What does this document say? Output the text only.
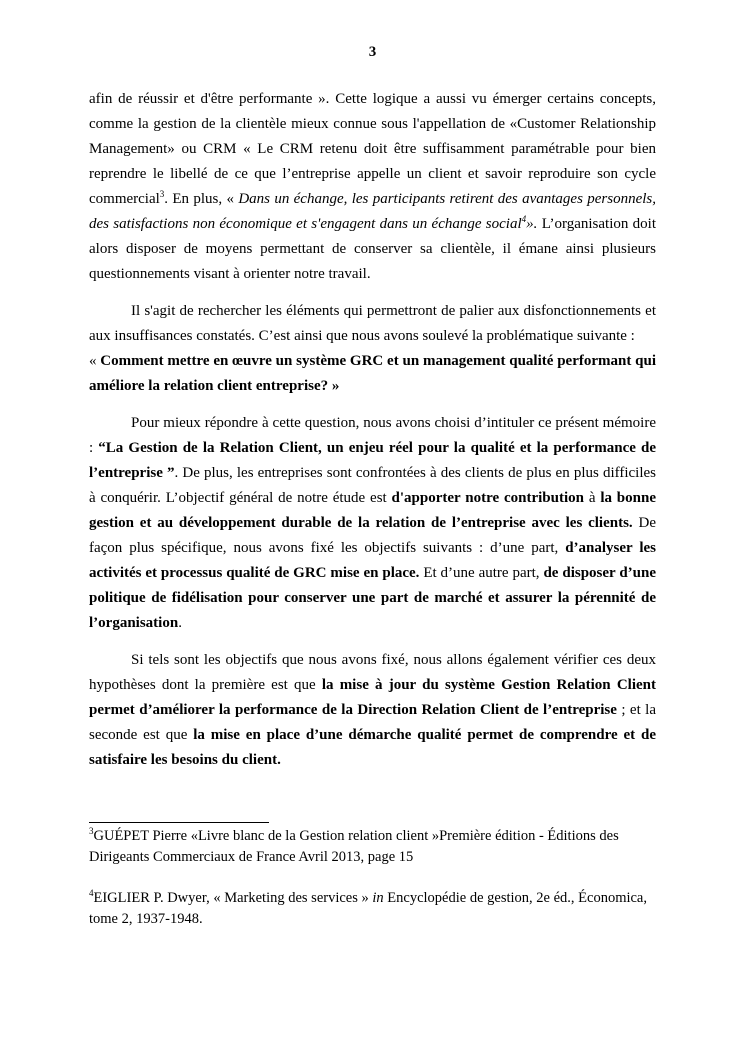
3

afin de réussir et d'être performante ». Cette logique a aussi vu émerger certains concepts, comme la gestion de la clientèle mieux connue sous l'appellation de «Customer Relationship Management» ou CRM « Le CRM retenu doit être suffisamment paramétrable pour bien reprendre le libellé de ce que l’entreprise appelle un client et savoir reproduire son cycle commercial$^3$. En plus, « Dans un échange, les participants retirent des avantages personnels, des satisfactions non économique et s'engagent dans un échange social$^4$». L’organisation doit alors disposer de moyens permettant de conserver sa clientèle, il émane ainsi plusieurs questionnements visant à orienter notre travail.

Il s'agit de rechercher les éléments qui permettront de palier aux disfonctionnements et aux insuffisances constatés. C’est ainsi que nous avons soulevé la problématique suivante :

« Comment mettre en œuvre un système GRC et un management qualité performant qui améliore la relation client entreprise? »

Pour mieux répondre à cette question, nous avons choisi d’intituler ce présent mémoire : “La Gestion de la Relation Client, un enjeu réel pour la qualité et la performance de l’entreprise ”. De plus, les entreprises sont confrontées à des clients de plus en plus difficiles à conquérir. L’objectif général de notre étude est d'apporter notre contribution à la bonne gestion et au développement durable de la relation de l’entreprise avec les clients. De façon plus spécifique, nous avons fixé les objectifs suivants : d’une part, d’analyser les activités et processus qualité de GRC mise en place. Et d’une autre part, de disposer d’une politique de fidélisation pour conserver une part de marché et assurer la pérennité de l’organisation.

Si tels sont les objectifs que nous avons fixé, nous allons également vérifier ces deux hypothèses dont la première est que la mise à jour du système Gestion Relation Client permet d’améliorer la performance de la Direction Relation Client de l’entreprise ; et la seconde est que la mise en place d’une démarche qualité permet de comprendre et de satisfaire les besoins du client.

$^3$GUÉPET Pierre «Livre blanc de la Gestion relation client »Première édition - Éditions des Dirigeants Commerciaux de France Avril 2013, page 15

$^4$EIGLIER P. Dwyer, « Marketing des services » in Encyclopédie de gestion, 2e éd., Économica, tome 2, 1937-1948.
